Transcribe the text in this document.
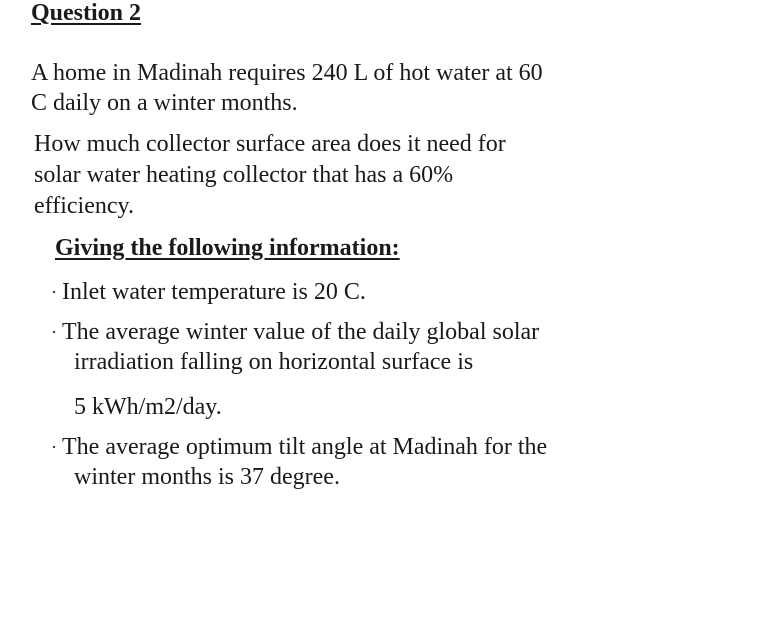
Question 2
A home in Madinah requires 240 L of hot water at 60
C daily on a winter months.
How much collector surface area does it need for
solar water heating collector that has a 60%
efficiency.
Giving the following information:
· Inlet water temperature is 20 C.
· The average winter value of the daily global solar
irradiation falling on horizontal surface is
5 kWh/m2/day.
· The average optimum tilt angle at Madinah for the
winter months is 37 degree.
